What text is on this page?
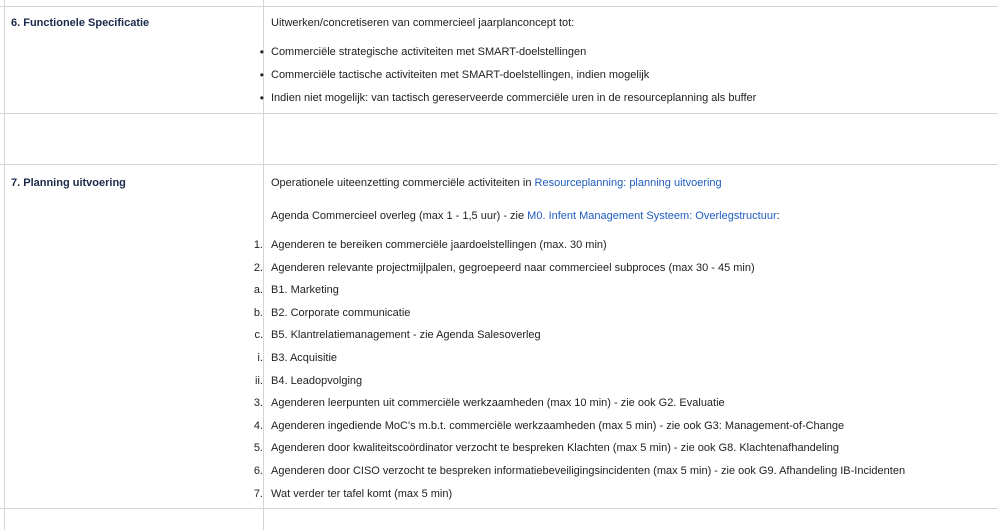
6. Functionele Specificatie	Uitwerken/concretiseren van commercieel jaarplanconcept tot:
• Commerciële strategische activiteiten met SMART-doelstellingen
• Commerciële tactische activiteiten met SMART-doelstellingen, indien mogelijk
• Indien niet mogelijk: van tactisch gereserveerde commerciële uren in de resourceplanning als buffer
7. Planning uitvoering	Operationele uiteenzetting commerciële activiteiten in Resourceplanning: planning uitvoering
Agenda Commercieel overleg (max 1 - 1,5 uur) - zie M0. Infent Management Systeem: Overlegstructuur:
1. Agenderen te bereiken commerciële jaardoelstellingen (max. 30 min)
2. Agenderen relevante projectmijlpalen, gegroepeerd naar commercieel subproces (max 30 - 45 min)
a. B1. Marketing
b. B2. Corporate communicatie
c. B5. Klantrelatiemanagement - zie Agenda Salesoverleg
i. B3. Acquisitie
ii. B4. Leadopvolging
3. Agenderen leerpunten uit commerciële werkzaamheden (max 10 min) - zie ook G2. Evaluatie
4. Agenderen ingediende MoC's m.b.t. commerciële werkzaamheden (max 5 min) - zie ook G3: Management-of-Change
5. Agenderen door kwaliteitscoördinator verzocht te bespreken Klachten (max 5 min) - zie ook G8. Klachtenafhandeling
6. Agenderen door CISO verzocht te bespreken informatiebeveiligingsincidenten (max 5 min) - zie ook G9. Afhandeling IB-Incidenten
7. Wat verder ter tafel komt (max 5 min)
